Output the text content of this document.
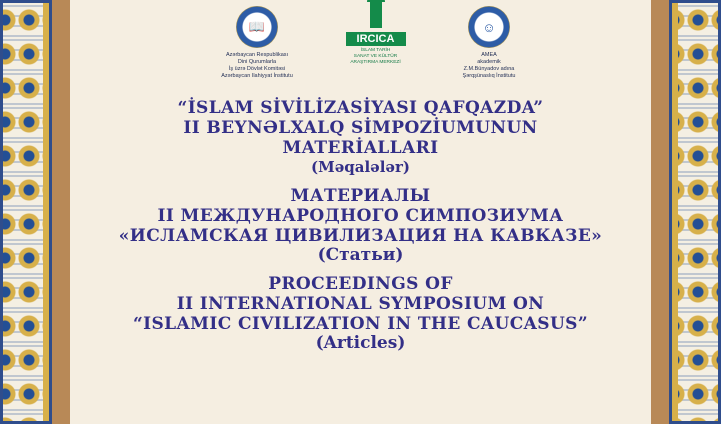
📖
Azərbaycan Respublikası
Dini Qurumlarla
İş üzrə Dövlət Komitəsi
Azərbaycan Ilahiyyat İnstitutu
IRCICA
İSLAM TARİH
SANAT VE KÜLTÜR
ARAŞTIRMA MERKEZİ
☺
AMEA
akademik
Z.M.Bünyadov adına
Şərqşünaslıq İnstitutu
“İSLAM SİVİLİZASİYASI QAFQAZDA”
II BEYNƏLXALQ SİMPOZİUMUNUN
MATERİALLARI
(Məqalələr)
МАТЕРИАЛЫ
II МЕЖДУНАРОДНОГО СИМПОЗИУМА
«ИСЛАМСКАЯ ЦИВИЛИЗАЦИЯ НА КАВКАЗЕ»
(Статьи)
PROCEEDINGS OF
II INTERNATIONAL SYMPOSIUM ON
“ISLAMIC CIVILIZATION IN THE CAUCASUS”
(Articles)
